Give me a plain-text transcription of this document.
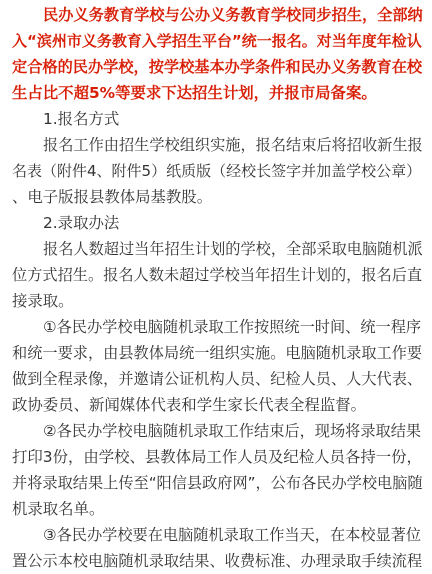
民办义务教育学校与公办义务教育学校同步招生，全部纳
入“滨州市义务教育入学招生平台”统一报名。对当年度年检认
定合格的民办学校，按学校基本办学条件和民办义务教育在校
生占比不超5%等要求下达招生计划，并报市局备案。
1.报名方式
报名工作由招生学校组织实施，报名结束后将招收新生报
名表（附件4、附件5）纸质版（经校长签字并加盖学校公章）
、电子版报县教体局基教股。
2.录取办法
报名人数超过当年招生计划的学校，全部采取电脑随机派
位方式招生。报名人数未超过学校当年招生计划的，报名后直
接录取。
①各民办学校电脑随机录取工作按照统一时间、统一程序
和统一要求，由县教体局统一组织实施。电脑随机录取工作要
做到全程录像，并邀请公证机构人员、纪检人员、人大代表、
政协委员、新闻媒体代表和学生家长代表全程监督。
②各民办学校电脑随机录取工作结束后，现场将录取结果
打印3份，由学校、县教体局工作人员及纪检人员各持一份，
并将录取结果上传至“阳信县政府网”，公布各民办学校电脑随
机录取名单。
③各民办学校要在电脑随机录取工作当天，在本校显著位
置公示本校电脑随机录取结果、收费标准、办理录取手续流程
